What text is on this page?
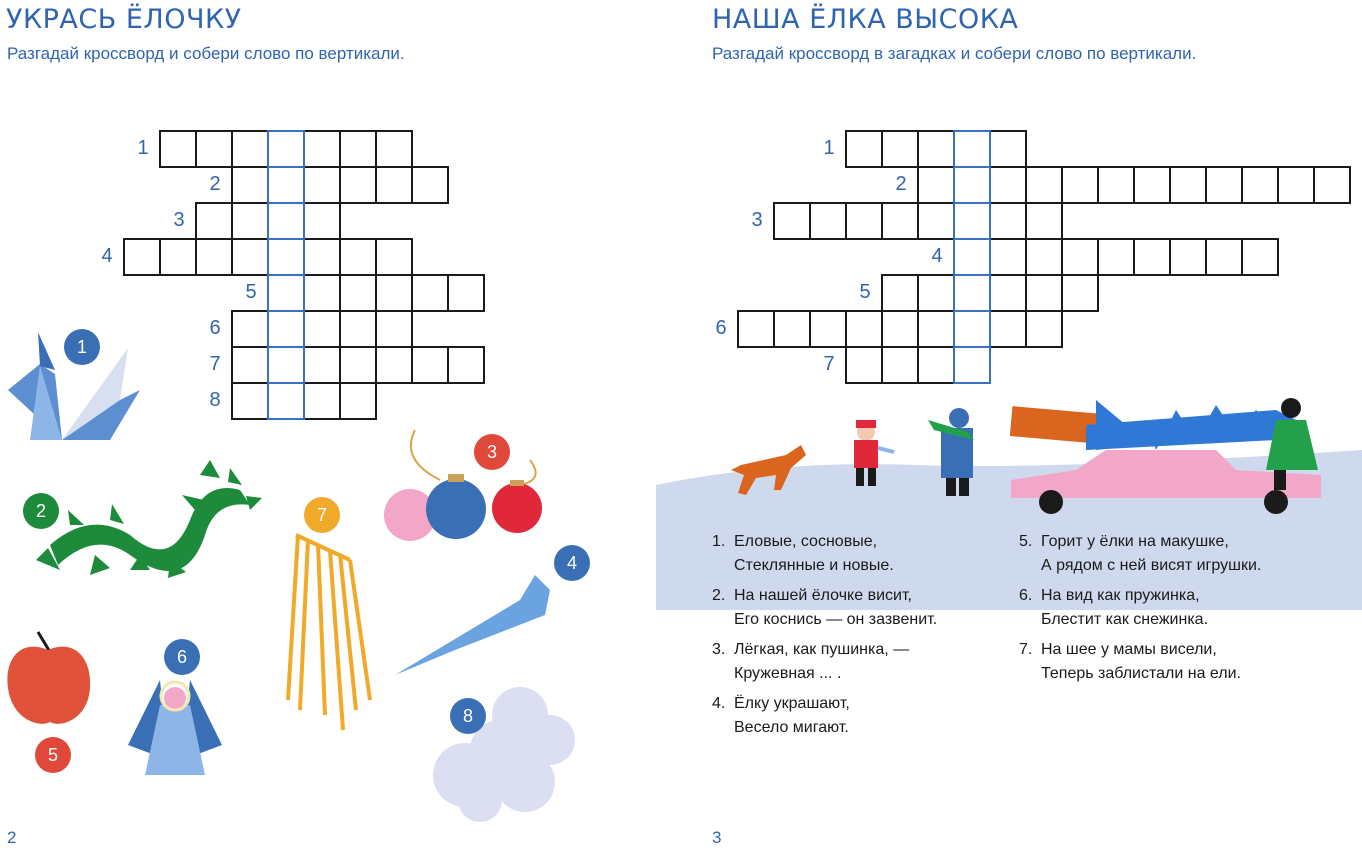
УКРАСЬ ЁЛОЧКУ

Разгадай кроссворд и собери слово по вертикали.

1
2
3
4
5
6
7
8
1
2
3
4
5
6
7
8
2
НАША ЁЛКА ВЫСОКА

Разгадай кроссворд в загадках и собери слово по вертикали.

1
2
3
4
5
6
7
1. Еловые, сосновые,
Стеклянные и новые.
2. На нашей ёлочке висит,
Его коснись — он зазвенит.
3. Лёгкая, как пушинка, —
Кружевная ... .
4. Ёлку украшают,
Весело мигают.
5. Горит у ёлки на макушке,
А рядом с ней висят игрушки.
6. На вид как пружинка,
Блестит как снежинка.
7. На шее у мамы висели,
Теперь заблистали на ели.
3
